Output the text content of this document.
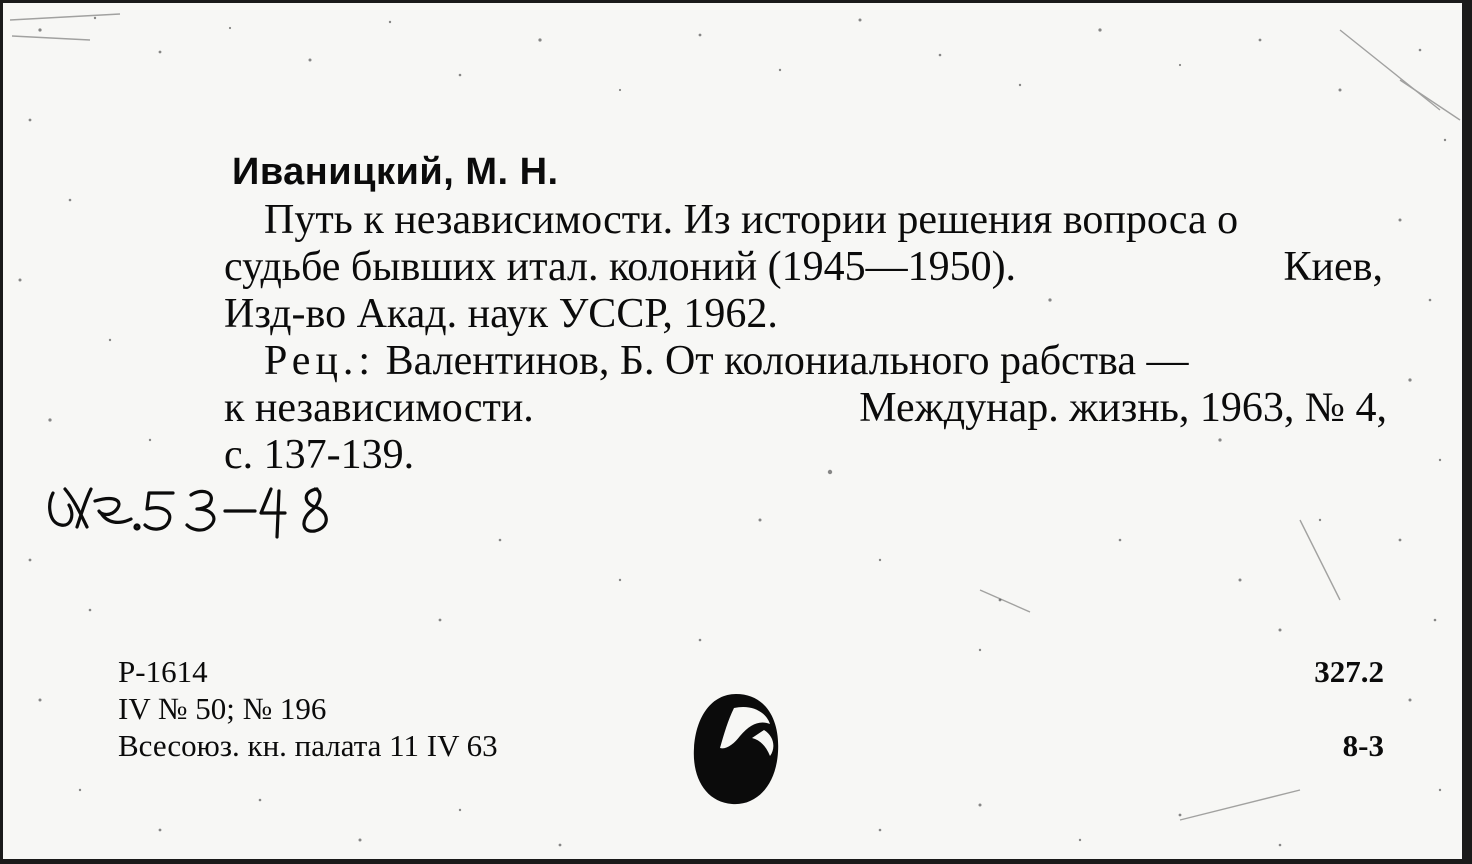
Иваницкий, М. Н.
Путь к независимости. Из истории решения вопроса о
судьбе бывших итал. колоний (1945—1950).	Киев,
Изд-во Акад. наук УССР, 1962.
Рец.: Валентинов, Б. От колониального рабства —
к независимости.	Междунар. жизнь, 1963, № 4,
с. 137-139.
Р-1614
IV № 50; № 196
Всесоюз. кн. палата 11 IV 63
327.2
8-3
